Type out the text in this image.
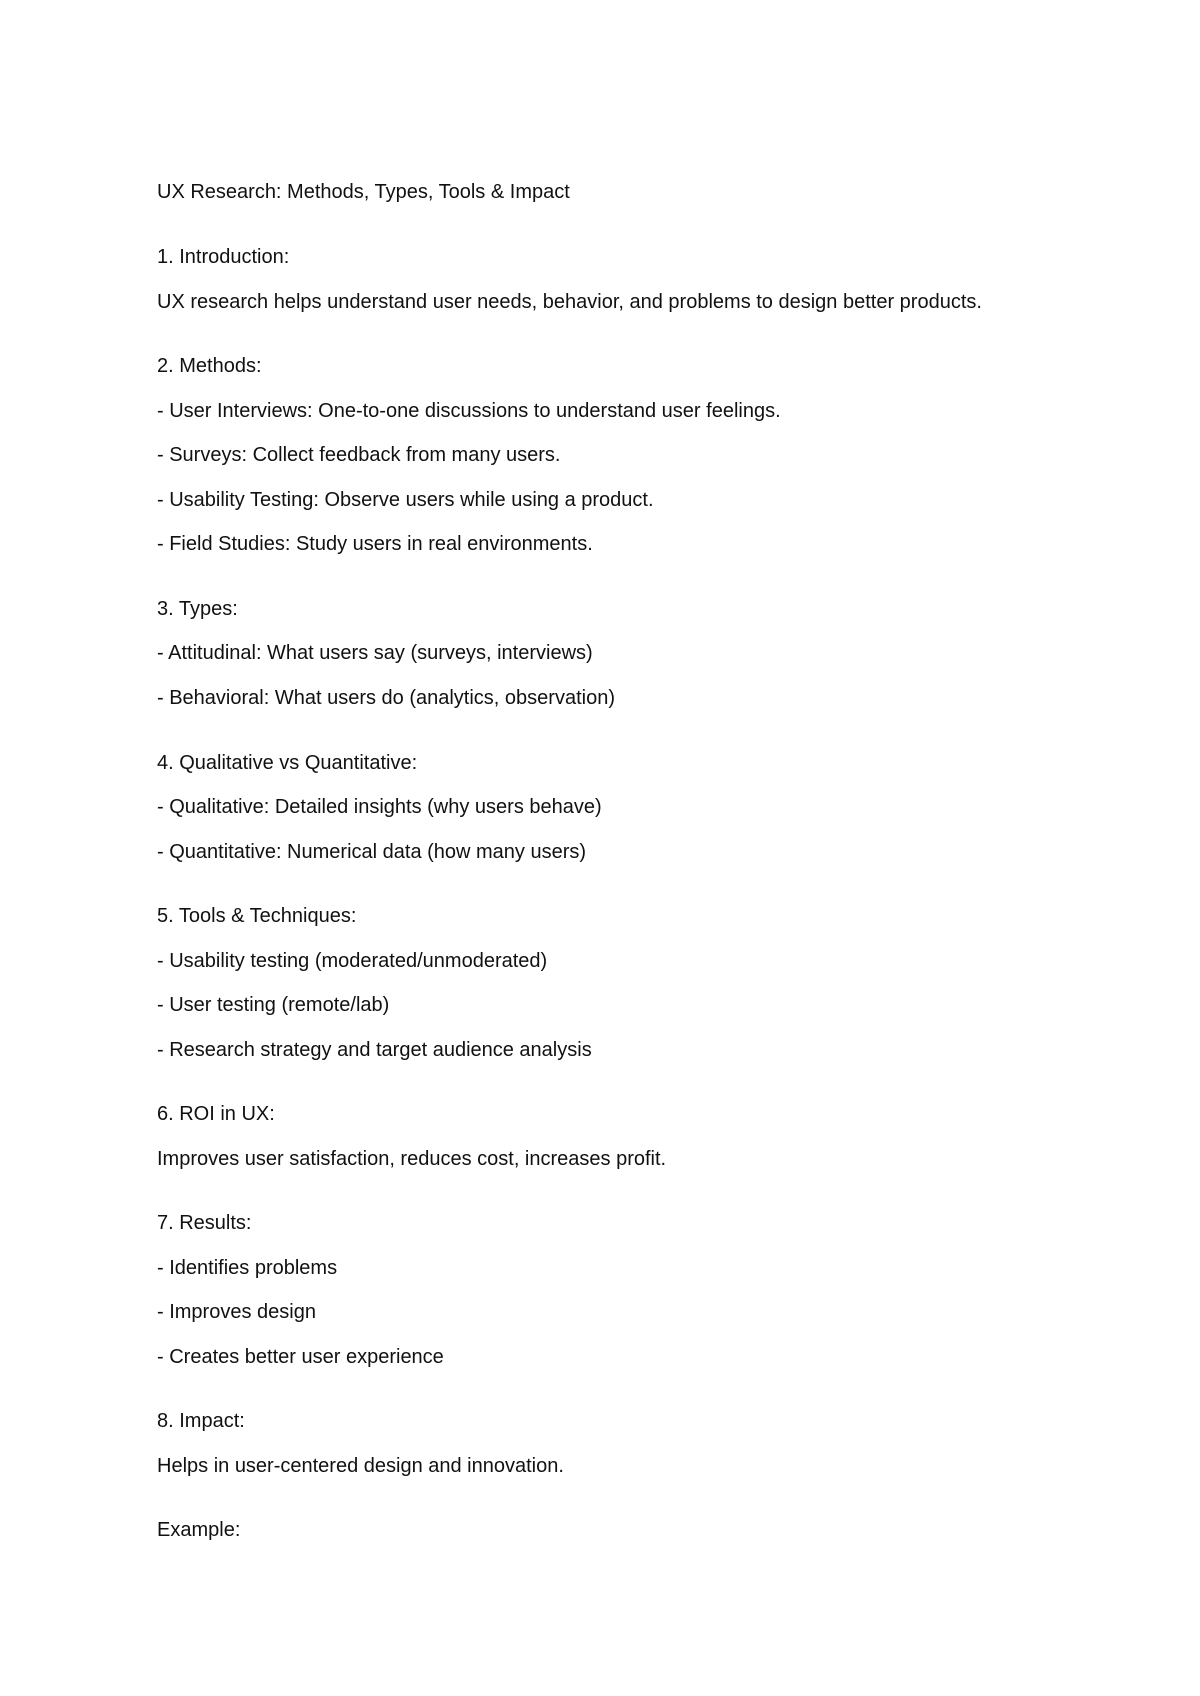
UX Research: Methods, Types, Tools & Impact
1. Introduction:

UX research helps understand user needs, behavior, and problems to design better products.

2. Methods:

- User Interviews: One-to-one discussions to understand user feelings.

- Surveys: Collect feedback from many users.

- Usability Testing: Observe users while using a product.

- Field Studies: Study users in real environments.

3. Types:

- Attitudinal: What users say (surveys, interviews)

- Behavioral: What users do (analytics, observation)

4. Qualitative vs Quantitative:

- Qualitative: Detailed insights (why users behave)

- Quantitative: Numerical data (how many users)

5. Tools & Techniques:

- Usability testing (moderated/unmoderated)

- User testing (remote/lab)

- Research strategy and target audience analysis

6. ROI in UX:

Improves user satisfaction, reduces cost, increases profit.

7. Results:

- Identifies problems

- Improves design

- Creates better user experience

8. Impact:

Helps in user-centered design and innovation.

Example:
